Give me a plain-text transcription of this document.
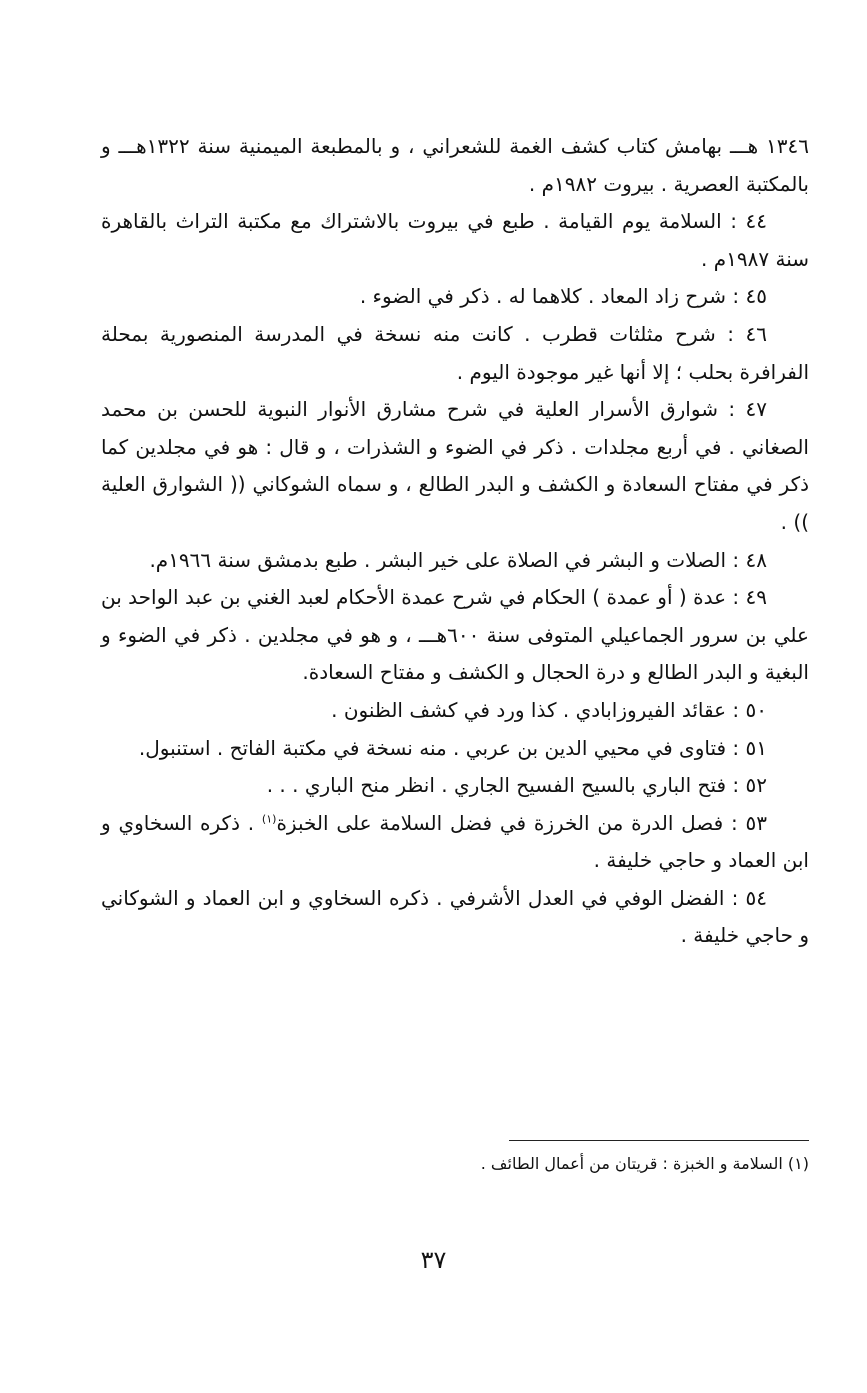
١٣٤٦ هـــ بهامش كتاب كشف الغمة للشعراني ، و بالمطبعة الميمنية سنة ١٣٢٢هـــ و بالمكتبة العصرية . بيروت ١٩٨٢م .

٤٤ : السلامة يوم القيامة . طبع في بيروت بالاشتراك مع مكتبة التراث بالقاهرة سنة ١٩٨٧م .

٤٥ : شرح زاد المعاد . كلاهما له . ذكر في الضوء .

٤٦ : شرح مثلثات قطرب . كانت منه نسخة في المدرسة المنصورية بمحلة الفرافرة بحلب ؛ إلا أنها غير موجودة اليوم .

٤٧ : شوارق الأسرار العلية في شرح مشارق الأنوار النبوية للحسن بن محمد الصغاني . في أربع مجلدات . ذكر في الضوء و الشذرات ، و قال : هو في مجلدين كما ذكر في مفتاح السعادة و الكشف و البدر الطالع ، و سماه الشوكاني (( الشوارق العلية )) .

٤٨ : الصلات و البشر في الصلاة على خير البشر . طبع بدمشق سنة ١٩٦٦م.

٤٩ : عدة ( أو عمدة ) الحكام في شرح عمدة الأحكام لعبد الغني بن عبد الواحد بن علي بن سرور الجماعيلي المتوفى سنة ٦٠٠هـــ ، و هو في مجلدين . ذكر في الضوء و البغية و البدر الطالع و درة الحجال و الكشف و مفتاح السعادة.

٥٠ : عقائد الفيروزابادي . كذا ورد في كشف الظنون .

٥١ : فتاوى في محيي الدين بن عربي . منه نسخة في مكتبة الفاتح . استنبول.

٥٢ : فتح الباري بالسيح الفسيح الجاري . انظر منح الباري . . .

٥٣ : فصل الدرة من الخرزة في فضل السلامة على الخبزة$^{(١)}$ . ذكره السخاوي و ابن العماد و حاجي خليفة .

٥٤ : الفضل الوفي في العدل الأشرفي . ذكره السخاوي و ابن العماد و الشوكاني و حاجي خليفة .

(١) السلامة و الخبزة : قريتان من أعمال الطائف .
٣٧
